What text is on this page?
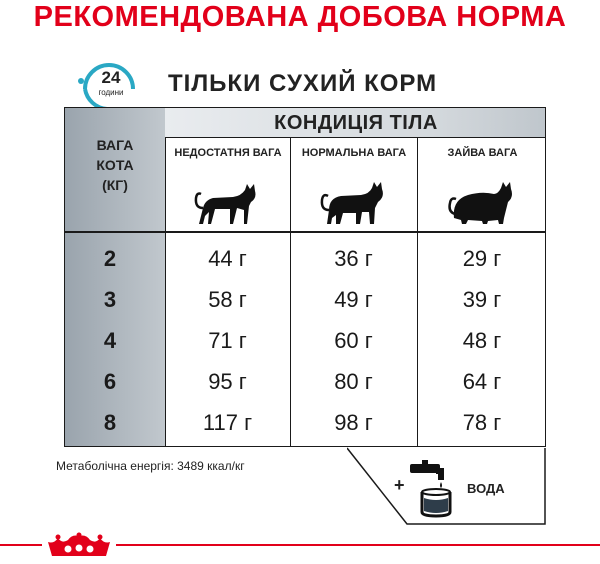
РЕКОМЕНДОВАНА ДОБОВА НОРМА
24
години	ТІЛЬКИ СУХИЙ КОРМ
КОНДИЦІЯ ТІЛА
ВАГА
КОТА
(КГ)
НЕДОСТАТНЯ ВАГА	НОРМАЛЬНА ВАГА	ЗАЙВА ВАГА
2	44 г	36 г	29 г
3	58 г	49 г	39 г
4	71 г	60 г	48 г
6	95 г	80 г	64 г
8	117 г	98 г	78 г
Метаболічна енергія: 3489 ккал/кг
+	ВОДА
